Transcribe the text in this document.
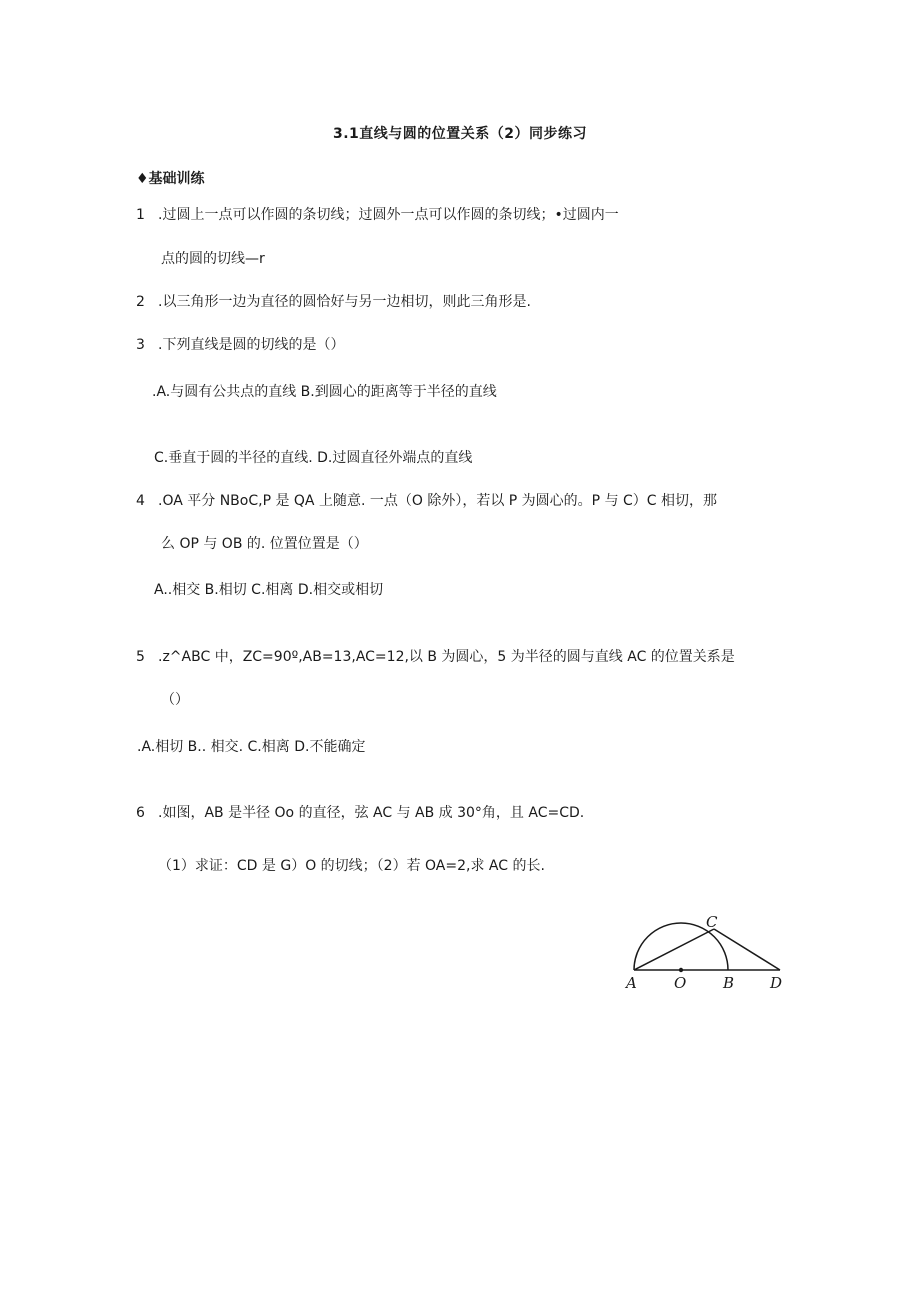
3.1直线与圆的位置关系（2）同步练习
♦基础训练
1 .过圆上一点可以作圆的条切线；过圆外一点可以作圆的条切线；•过圆内一
点的圆的切线—r
2 .以三角形一边为直径的圆恰好与另一边相切，则此三角形是.
3 .下列直线是圆的切线的是（）
.A.与圆有公共点的直线 B.到圆心的距离等于半径的直线
C.垂直于圆的半径的直线. D.过圆直径外端点的直线
4 .OA 平分 NBoC,P 是 QA 上随意. 一点（O 除外），若以 P 为圆心的。P 与 C）C 相切，那
么 OP 与 OB 的. 位置位置是（）
A..相交 B.相切 C.相离 D.相交或相切
5 .z^ABC 中，ZC=90º,AB=13,AC=12,以 B 为圆心，5 为半径的圆与直线 AC 的位置关系是
（）
.A.相切 B.. 相交. C.相离 D.不能确定
6 .如图，AB 是半径 Oo 的直径，弦 AC 与 AB 成 30°角，且 AC=CD.
（1）求证：CD 是 G）O 的切线；（2）若 OA=2,求 AC 的长.
A O B
C
D
